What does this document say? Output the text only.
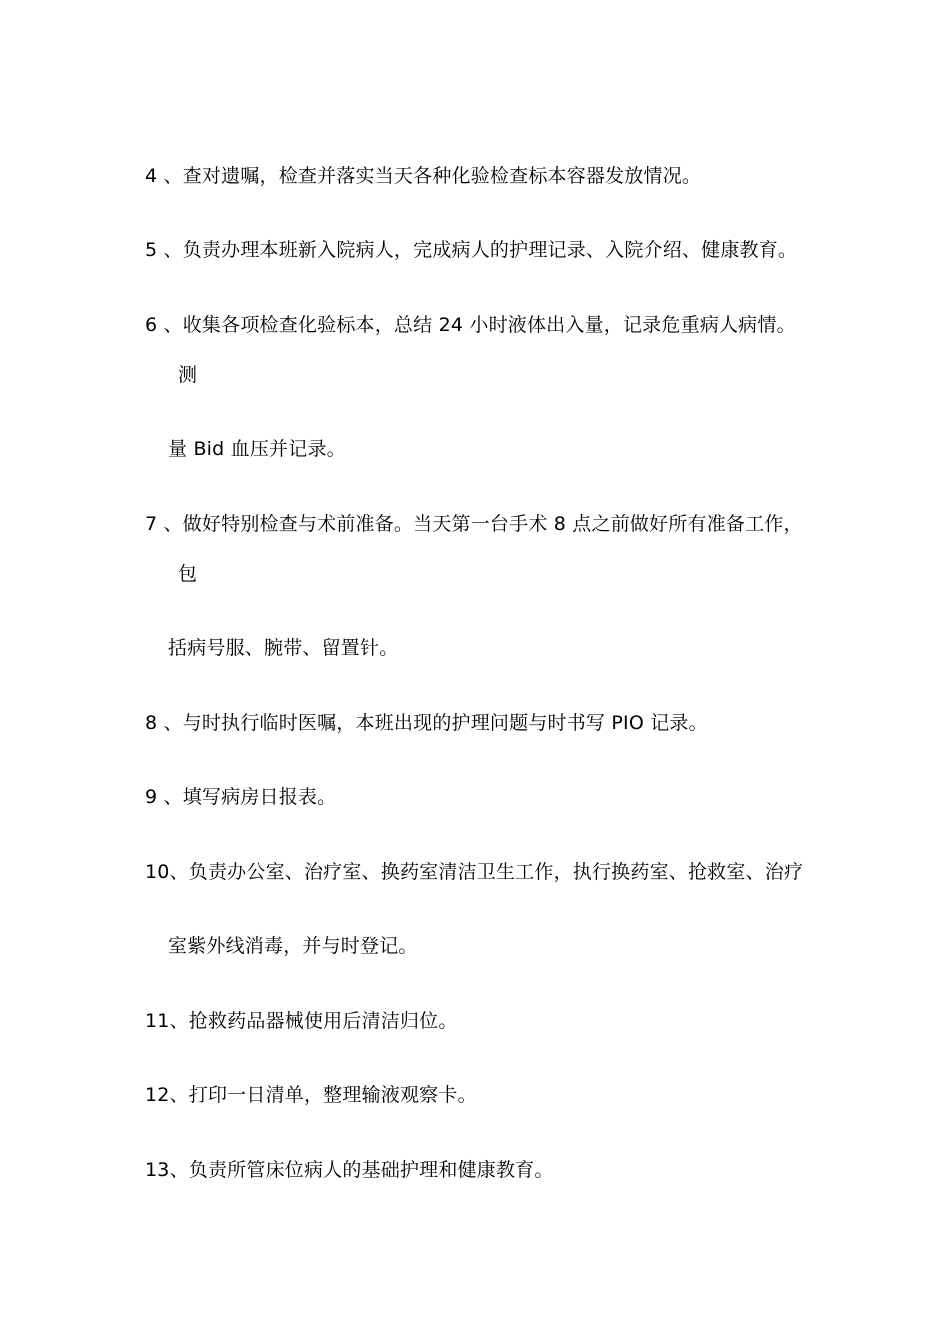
4 、查对遗嘱，检查并落实当天各种化验检查标本容器发放情况。
5 、负责办理本班新入院病人，完成病人的护理记录、入院介绍、健康教育。
6 、收集各项检查化验标本，总结 24 小时液体出入量，记录危重病人病情。
测
量 Bid 血压并记录。
7 、做好特别检查与术前准备。当天第一台手术 8 点之前做好所有准备工作，
包
括病号服、腕带、留置针。
8 、与时执行临时医嘱，本班出现的护理问题与时书写 PIO 记录。
9 、填写病房日报表。
10、负责办公室、治疗室、换药室清洁卫生工作，执行换药室、抢救室、治疗
室紫外线消毒，并与时登记。
11、抢救药品器械使用后清洁归位。
12、打印一日清单，整理输液观察卡。
13、负责所管床位病人的基础护理和健康教育。
